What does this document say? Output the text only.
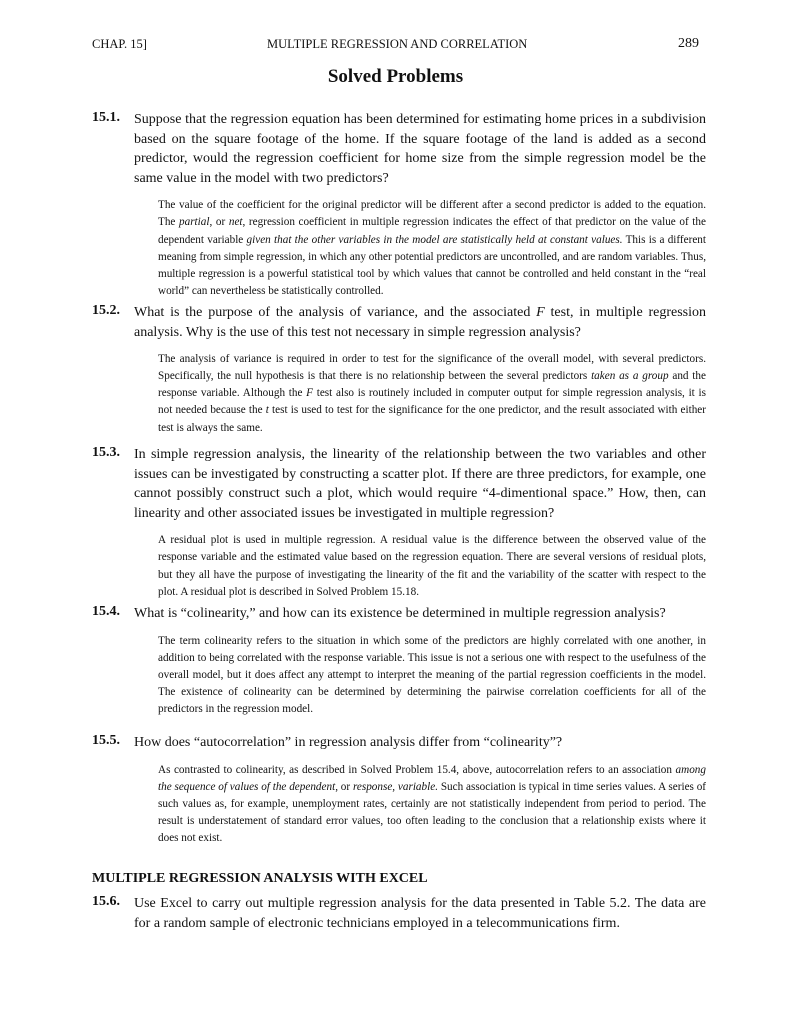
CHAP. 15]	MULTIPLE REGRESSION AND CORRELATION	289
Solved Problems
15.1. Suppose that the regression equation has been determined for estimating home prices in a subdivision based on the square footage of the home. If the square footage of the land is added as a second predictor, would the regression coefficient for home size from the simple regression model be the same value in the model with two predictors?
The value of the coefficient for the original predictor will be different after a second predictor is added to the equation. The partial, or net, regression coefficient in multiple regression indicates the effect of that predictor on the value of the dependent variable given that the other variables in the model are statistically held at constant values. This is a different meaning from simple regression, in which any other potential predictors are uncontrolled, and are random variables. Thus, multiple regression is a powerful statistical tool by which values that cannot be controlled and held constant in the “real world” can nevertheless be statistically controlled.
15.2. What is the purpose of the analysis of variance, and the associated F test, in multiple regression analysis. Why is the use of this test not necessary in simple regression analysis?
The analysis of variance is required in order to test for the significance of the overall model, with several predictors. Specifically, the null hypothesis is that there is no relationship between the several predictors taken as a group and the response variable. Although the F test also is routinely included in computer output for simple regression analysis, it is not needed because the t test is used to test for the significance for the one predictor, and the result associated with either test is always the same.
15.3. In simple regression analysis, the linearity of the relationship between the two variables and other issues can be investigated by constructing a scatter plot. If there are three predictors, for example, one cannot possibly construct such a plot, which would require “4-dimentional space.” How, then, can linearity and other associated issues be investigated in multiple regression?
A residual plot is used in multiple regression. A residual value is the difference between the observed value of the response variable and the estimated value based on the regression equation. There are several versions of residual plots, but they all have the purpose of investigating the linearity of the fit and the variability of the scatter with respect to the plot. A residual plot is described in Solved Problem 15.18.
15.4. What is “colinearity,” and how can its existence be determined in multiple regression analysis?
The term colinearity refers to the situation in which some of the predictors are highly correlated with one another, in addition to being correlated with the response variable. This issue is not a serious one with respect to the usefulness of the overall model, but it does affect any attempt to interpret the meaning of the partial regression coefficients in the model. The existence of colinearity can be determined by determining the pairwise correlation coefficients for all of the predictors in the regression model.
15.5. How does “autocorrelation” in regression analysis differ from “colinearity”?
As contrasted to colinearity, as described in Solved Problem 15.4, above, autocorrelation refers to an association among the sequence of values of the dependent, or response, variable. Such association is typical in time series values. A series of such values as, for example, unemployment rates, certainly are not statistically independent from period to period. The result is understatement of standard error values, too often leading to the conclusion that a relationship exists where it does not exist.
MULTIPLE REGRESSION ANALYSIS WITH EXCEL
15.6. Use Excel to carry out multiple regression analysis for the data presented in Table 5.2. The data are for a random sample of electronic technicians employed in a telecommunications firm.
